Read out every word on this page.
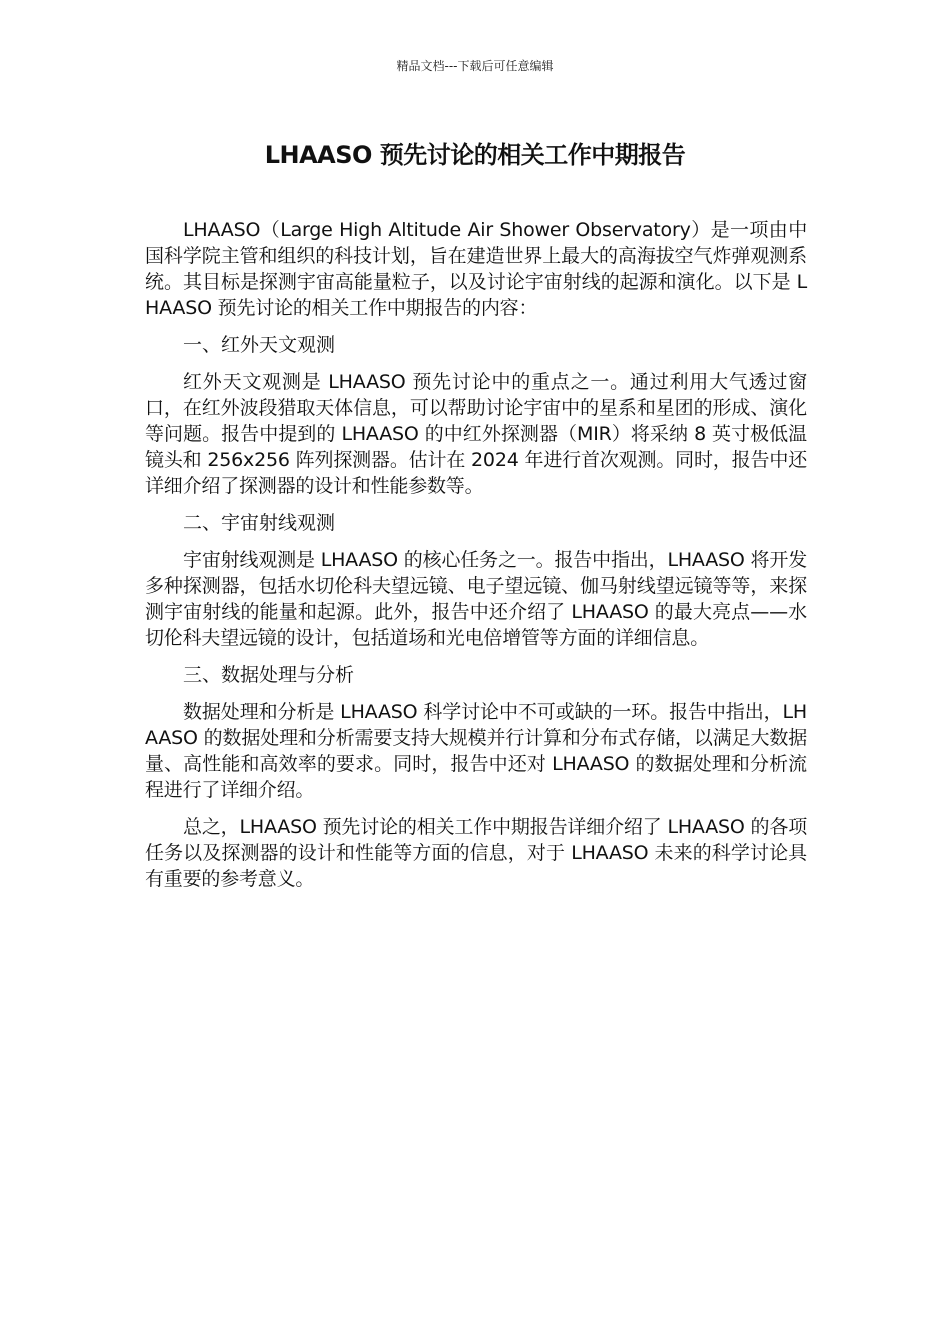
精品文档---下载后可任意编辑
LHAASO 预先讨论的相关工作中期报告

LHAASO（Large High Altitude Air Shower Observatory）是一项由中国科学院主管和组织的科技计划，旨在建造世界上最大的高海拔空气炸弹观测系统。其目标是探测宇宙高能量粒子，以及讨论宇宙射线的起源和演化。以下是 LHAASO 预先讨论的相关工作中期报告的内容：

一、红外天文观测

红外天文观测是 LHAASO 预先讨论中的重点之一。通过利用大气透过窗口，在红外波段猎取天体信息，可以帮助讨论宇宙中的星系和星团的形成、演化等问题。报告中提到的 LHAASO 的中红外探测器（MIR）将采纳 8 英寸极低温镜头和 256x256 阵列探测器。估计在 2024 年进行首次观测。同时，报告中还详细介绍了探测器的设计和性能参数等。

二、宇宙射线观测

宇宙射线观测是 LHAASO 的核心任务之一。报告中指出，LHAASO 将开发多种探测器，包括水切伦科夫望远镜、电子望远镜、伽马射线望远镜等等，来探测宇宙射线的能量和起源。此外，报告中还介绍了 LHAASO 的最大亮点——水切伦科夫望远镜的设计，包括道场和光电倍增管等方面的详细信息。

三、数据处理与分析

数据处理和分析是 LHAASO 科学讨论中不可或缺的一环。报告中指出，LHAASO 的数据处理和分析需要支持大规模并行计算和分布式存储，以满足大数据量、高性能和高效率的要求。同时，报告中还对 LHAASO 的数据处理和分析流程进行了详细介绍。

总之，LHAASO 预先讨论的相关工作中期报告详细介绍了 LHAASO 的各项任务以及探测器的设计和性能等方面的信息，对于 LHAASO 未来的科学讨论具有重要的参考意义。
